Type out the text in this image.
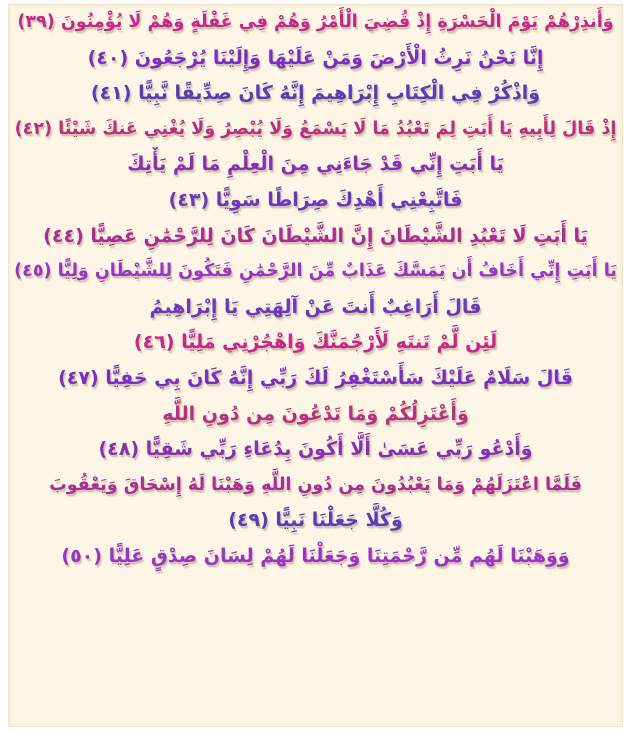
وَأَنذِرْهُمْ يَوْمَ الْحَسْرَةِ إِذْ قُضِيَ الْأَمْرُ وَهُمْ فِي غَفْلَةٍ وَهُمْ لَا يُؤْمِنُونَ (٣٩)
إِنَّا نَحْنُ نَرِثُ الْأَرْضَ وَمَنْ عَلَيْهَا وَإِلَيْنَا يُرْجَعُونَ (٤٠)
وَاذْكُرْ فِي الْكِتَابِ إِبْرَاهِيمَ إِنَّهُ كَانَ صِدِّيقًا نَّبِيًّا (٤١)
إِذْ قَالَ لِأَبِيهِ يَا أَبَتِ لِمَ تَعْبُدُ مَا لَا يَسْمَعُ وَلَا يُبْصِرُ وَلَا يُغْنِي عَنكَ شَيْئًا (٤٢)
يَا أَبَتِ إِنِّي قَدْ جَاءَنِي مِنَ الْعِلْمِ مَا لَمْ يَأْتِكَ
فَاتَّبِعْنِي أَهْدِكَ صِرَاطًا سَوِيًّا (٤٣)
يَا أَبَتِ لَا تَعْبُدِ الشَّيْطَانَ إِنَّ الشَّيْطَانَ كَانَ لِلرَّحْمَٰنِ عَصِيًّا (٤٤)
يَا أَبَتِ إِنِّي أَخَافُ أَن يَمَسَّكَ عَذَابٌ مِّنَ الرَّحْمَٰنِ فَتَكُونَ لِلشَّيْطَانِ وَلِيًّا (٤٥)
قَالَ أَرَاغِبٌ أَنتَ عَنْ آلِهَتِي يَا إِبْرَاهِيمُ
لَئِن لَّمْ تَنتَهِ لَأَرْجُمَنَّكَ وَاهْجُرْنِي مَلِيًّا (٤٦)
قَالَ سَلَامٌ عَلَيْكَ سَأَسْتَغْفِرُ لَكَ رَبِّي إِنَّهُ كَانَ بِي حَفِيًّا (٤٧)
وَأَعْتَزِلُكُمْ وَمَا تَدْعُونَ مِن دُونِ اللَّهِ
وَأَدْعُو رَبِّي عَسَىٰ أَلَّا أَكُونَ بِدُعَاءِ رَبِّي شَقِيًّا (٤٨)
فَلَمَّا اعْتَزَلَهُمْ وَمَا يَعْبُدُونَ مِن دُونِ اللَّهِ وَهَبْنَا لَهُ إِسْحَاقَ وَيَعْقُوبَ
وَكُلًّا جَعَلْنَا نَبِيًّا (٤٩)
وَوَهَبْنَا لَهُم مِّن رَّحْمَتِنَا وَجَعَلْنَا لَهُمْ لِسَانَ صِدْقٍ عَلِيًّا (٥٠)
